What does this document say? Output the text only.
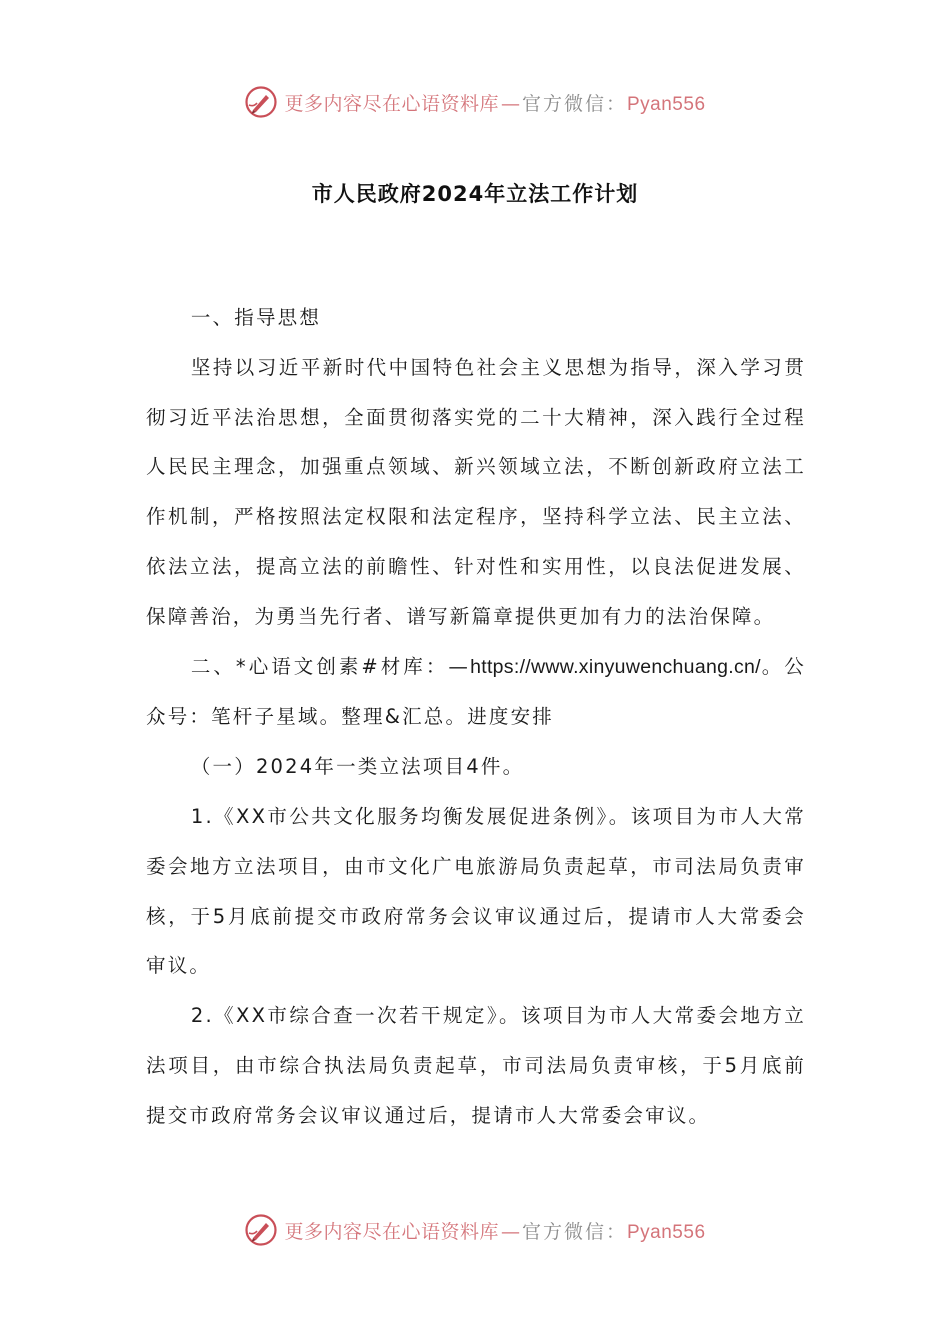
更多内容尽在心语资料库 — 官方微信：Pyan556
市人民政府2024年立法工作计划

一、指导思想

坚持以习近平新时代中国特色社会主义思想为指导，深入学习贯彻习近平法治思想，全面贯彻落实党的二十大精神，深入践行全过程人民民主理念，加强重点领域、新兴领域立法，不断创新政府立法工作机制，严格按照法定权限和法定程序，坚持科学立法、民主立法、依法立法，提高立法的前瞻性、针对性和实用性，以良法促进发展、保障善治，为勇当先行者、谱写新篇章提供更加有力的法治保障。

二、*心语文创素#材库：—https://www.xinyuwenchuang.cn/。公众号：笔杆子星域。整理&汇总。进度安排

（一）2024年一类立法项目4件。

1.《XX市公共文化服务均衡发展促进条例》。该项目为市人大常委会地方立法项目，由市文化广电旅游局负责起草，市司法局负责审核，于5月底前提交市政府常务会议审议通过后，提请市人大常委会审议。

2.《XX市综合查一次若干规定》。该项目为市人大常委会地方立法项目，由市综合执法局负责起草，市司法局负责审核，于5月底前提交市政府常务会议审议通过后，提请市人大常委会审议。

更多内容尽在心语资料库 — 官方微信：Pyan556
